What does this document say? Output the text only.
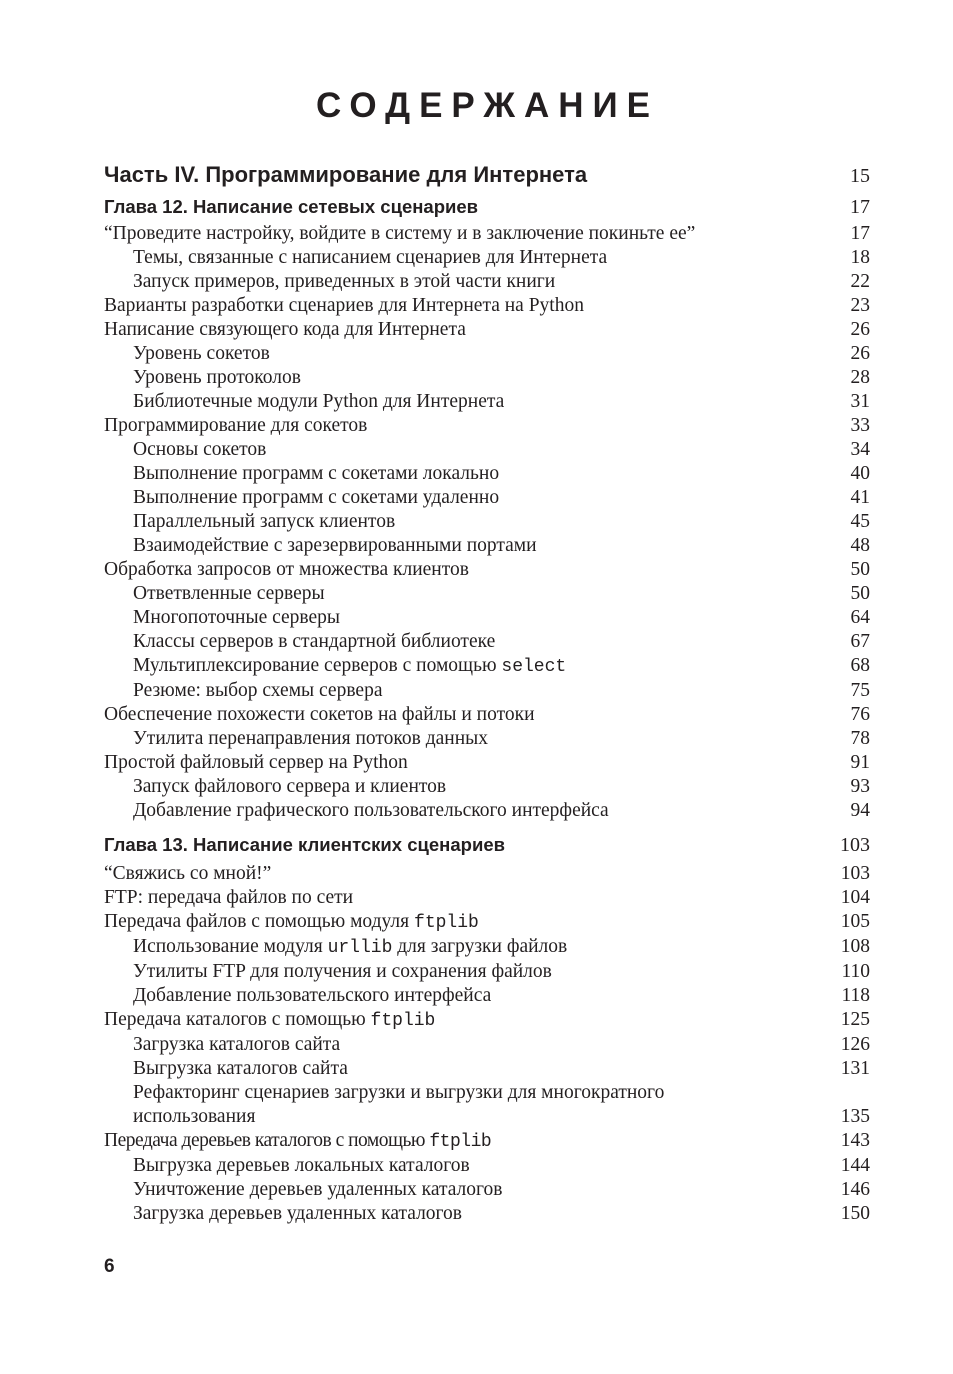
СОДЕРЖАНИЕ
Часть IV. Программирование для Интернета	15
Глава 12. Написание сетевых сценариев	17
“Проведите настройку, войдите в систему и в заключение покиньте ее”	17
Темы, связанные с написанием сценариев для Интернета	18
Запуск примеров, приведенных в этой части книги	22
Варианты разработки сценариев для Интернета на Python	23
Написание связующего кода для Интернета	26
Уровень сокетов	26
Уровень протоколов	28
Библиотечные модули Python для Интернета	31
Программирование для сокетов	33
Основы сокетов	34
Выполнение программ с сокетами локально	40
Выполнение программ с сокетами удаленно	41
Параллельный запуск клиентов	45
Взаимодействие с зарезервированными портами	48
Обработка запросов от множества клиентов	50
Ответвленные серверы	50
Многопоточные серверы	64
Классы серверов в стандартной библиотеке	67
Мультиплексирование серверов с помощью select	68
Резюме: выбор схемы сервера	75
Обеспечение похожести сокетов на файлы и потоки	76
Утилита перенаправления потоков данных	78
Простой файловый сервер на Python	91
Запуск файлового сервера и клиентов	93
Добавление графического пользовательского интерфейса	94
Глава 13. Написание клиентских сценариев	103
“Свяжись со мной!”	103
FTP: передача файлов по сети	104
Передача файлов с помощью модуля ftplib	105
Использование модуля urllib для загрузки файлов	108
Утилиты FTP для получения и сохранения файлов	110
Добавление пользовательского интерфейса	118
Передача каталогов с помощью ftplib	125
Загрузка каталогов сайта	126
Выгрузка каталогов сайта	131
Рефакторинг сценариев загрузки и выгрузки для многократного использования	135
Передача деревьев каталогов с помощью ftplib	143
Выгрузка деревьев локальных каталогов	144
Уничтожение деревьев удаленных каталогов	146
Загрузка деревьев удаленных каталогов	150

6
